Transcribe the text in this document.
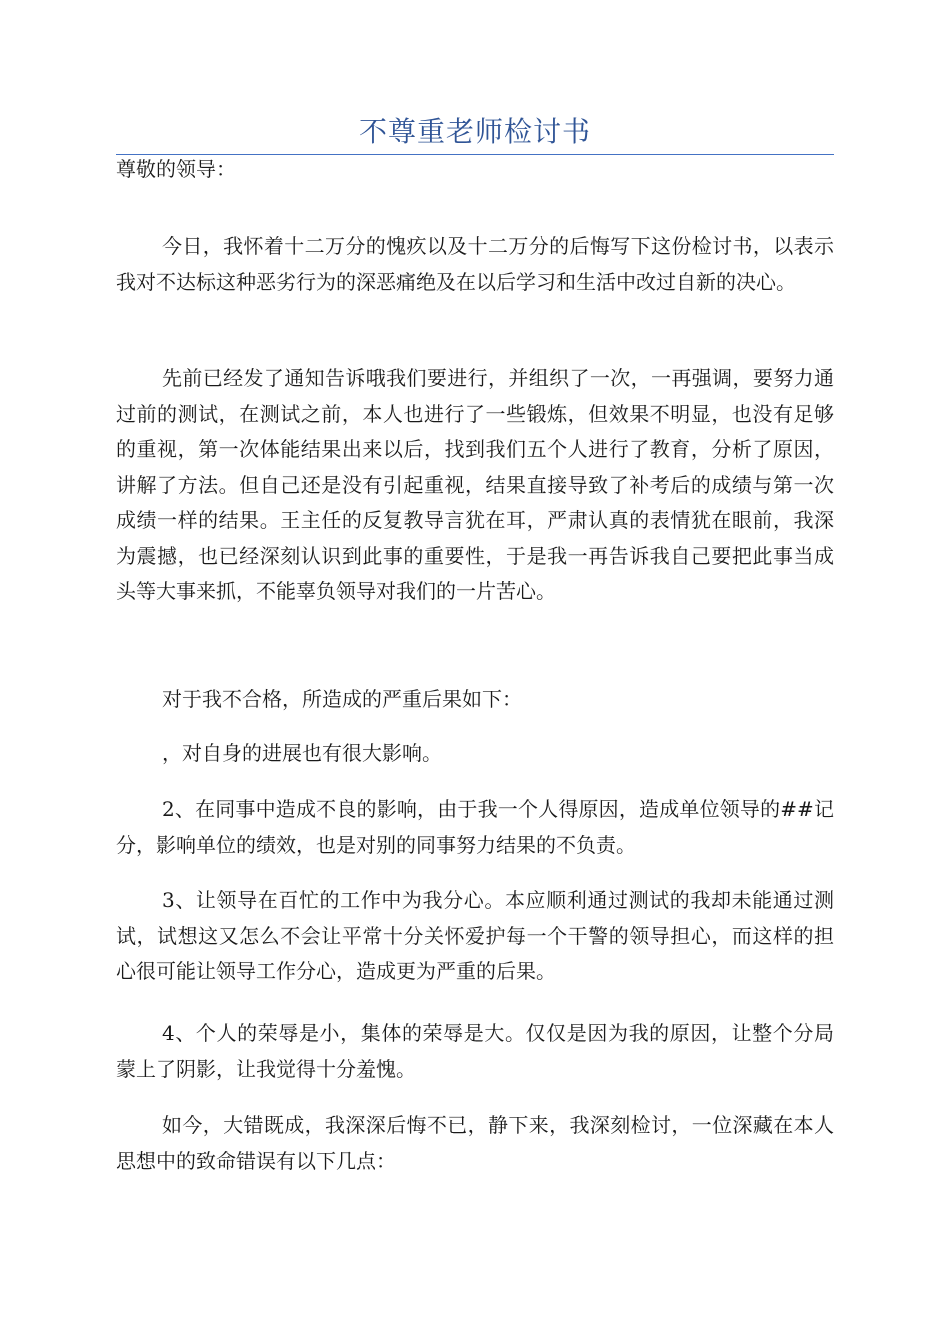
不尊重老师检讨书

尊敬的领导：

今日，我怀着十二万分的愧疚以及十二万分的后悔写下这份检讨书，以表示我对不达标这种恶劣行为的深恶痛绝及在以后学习和生活中改过自新的决心。

先前已经发了通知告诉哦我们要进行，并组织了一次，一再强调，要努力通过前的测试，在测试之前，本人也进行了一些锻炼，但效果不明显，也没有足够的重视，第一次体能结果出来以后，找到我们五个人进行了教育，分析了原因，讲解了方法。但自己还是没有引起重视，结果直接导致了补考后的成绩与第一次成绩一样的结果。王主任的反复教导言犹在耳，严肃认真的表情犹在眼前，我深为震撼，也已经深刻认识到此事的重要性，于是我一再告诉我自己要把此事当成头等大事来抓，不能辜负领导对我们的一片苦心。

对于我不合格，所造成的严重后果如下：

，对自身的进展也有很大影响。

2、在同事中造成不良的影响，由于我一个人得原因，造成单位领导的##记分，影响单位的绩效，也是对别的同事努力结果的不负责。

3、让领导在百忙的工作中为我分心。本应顺利通过测试的我却未能通过测试，试想这又怎么不会让平常十分关怀爱护每一个干警的领导担心，而这样的担心很可能让领导工作分心，造成更为严重的后果。

4、个人的荣辱是小，集体的荣辱是大。仅仅是因为我的原因，让整个分局蒙上了阴影，让我觉得十分羞愧。

如今，大错既成，我深深后悔不已，静下来，我深刻检讨，一位深藏在本人思想中的致命错误有以下几点：
